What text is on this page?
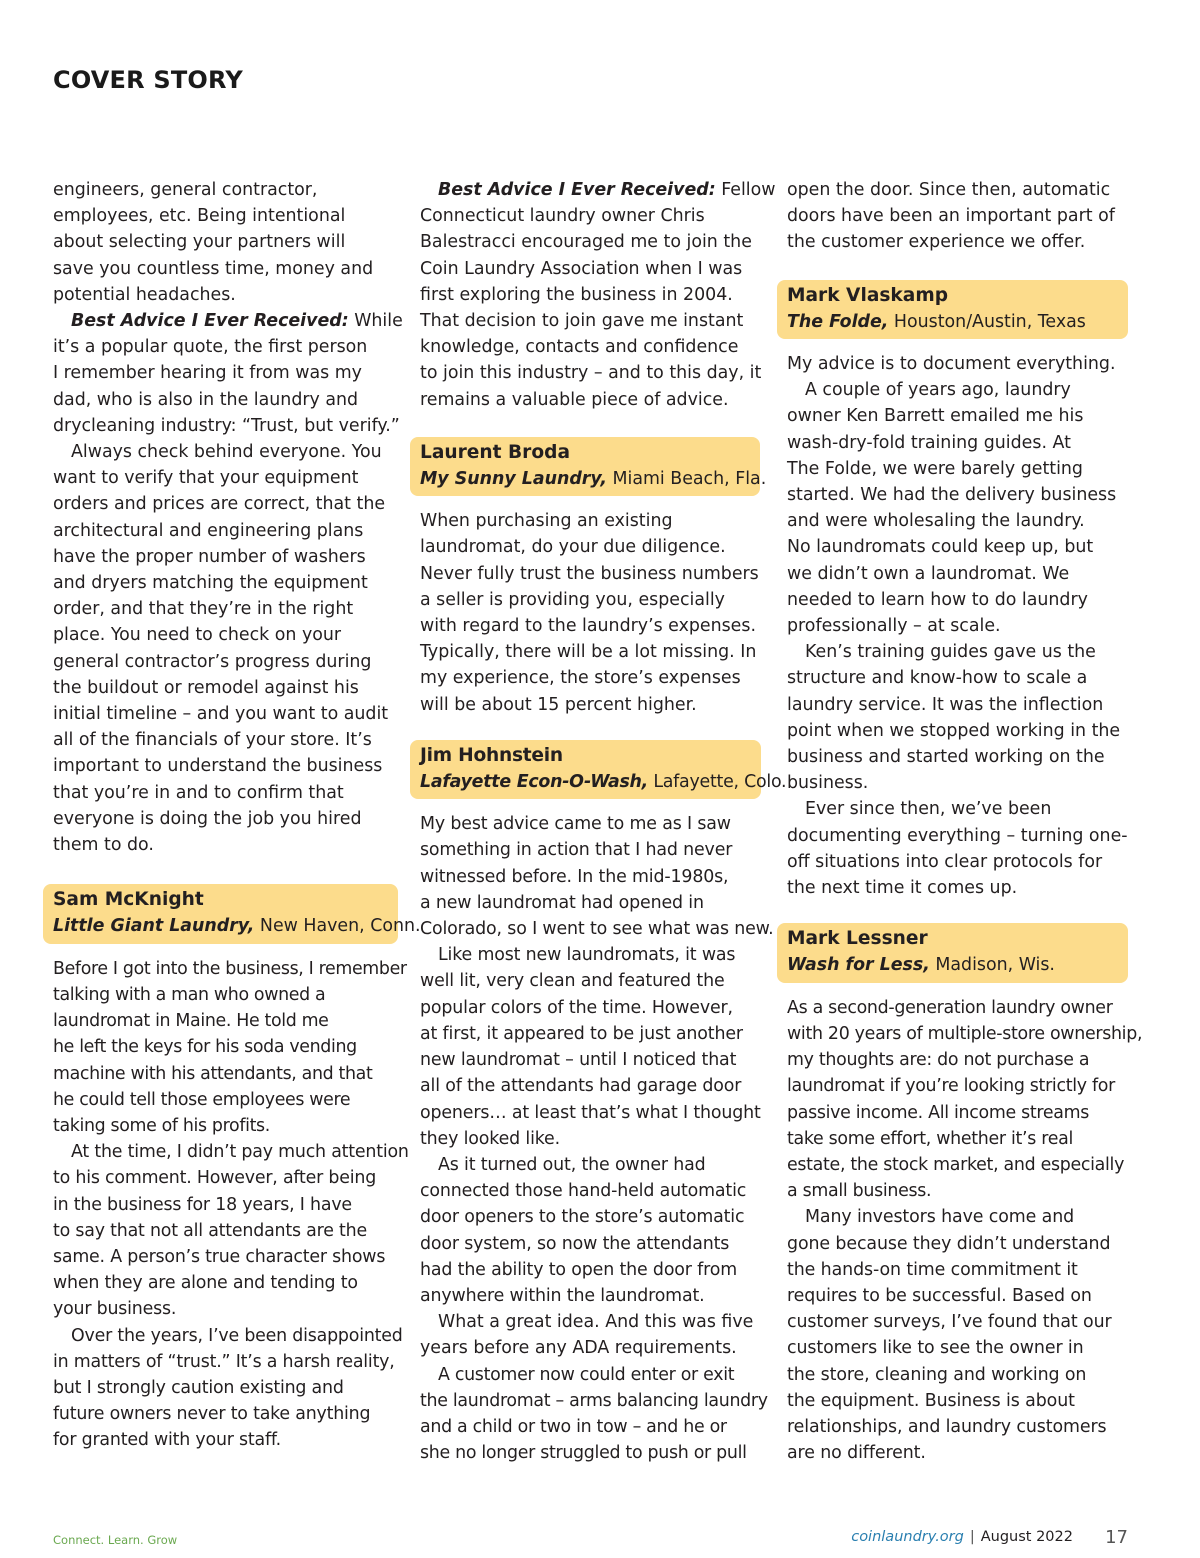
COVER STORY
engineers, general contractor,
employees, etc. Being intentional
about selecting your partners will
save you countless time, money and
potential headaches.
Best Advice I Ever Received: While
it’s a popular quote, the first person
I remember hearing it from was my
dad, who is also in the laundry and
drycleaning industry: “Trust, but verify.”
Always check behind everyone. You
want to verify that your equipment
orders and prices are correct, that the
architectural and engineering plans
have the proper number of washers
and dryers matching the equipment
order, and that they’re in the right
place. You need to check on your
general contractor’s progress during
the buildout or remodel against his
initial timeline – and you want to audit
all of the financials of your store. It’s
important to understand the business
that you’re in and to confirm that
everyone is doing the job you hired
them to do.
Sam McKnight
Little Giant Laundry, New Haven, Conn.
Before I got into the business, I remember
talking with a man who owned a
laundromat in Maine. He told me
he left the keys for his soda vending
machine with his attendants, and that
he could tell those employees were
taking some of his profits.
At the time, I didn’t pay much attention
to his comment. However, after being
in the business for 18 years, I have
to say that not all attendants are the
same. A person’s true character shows
when they are alone and tending to
your business.
Over the years, I’ve been disappointed
in matters of “trust.” It’s a harsh reality,
but I strongly caution existing and
future owners never to take anything
for granted with your staff.
Best Advice I Ever Received: Fellow
Connecticut laundry owner Chris
Balestracci encouraged me to join the
Coin Laundry Association when I was
first exploring the business in 2004.
That decision to join gave me instant
knowledge, contacts and confidence
to join this industry – and to this day, it
remains a valuable piece of advice.
Laurent Broda
My Sunny Laundry, Miami Beach, Fla.
When purchasing an existing
laundromat, do your due diligence.
Never fully trust the business numbers
a seller is providing you, especially
with regard to the laundry’s expenses.
Typically, there will be a lot missing. In
my experience, the store’s expenses
will be about 15 percent higher.
Jim Hohnstein
Lafayette Econ-O-Wash, Lafayette, Colo.
My best advice came to me as I saw
something in action that I had never
witnessed before. In the mid-1980s,
a new laundromat had opened in
Colorado, so I went to see what was new.
Like most new laundromats, it was
well lit, very clean and featured the
popular colors of the time. However,
at first, it appeared to be just another
new laundromat – until I noticed that
all of the attendants had garage door
openers… at least that’s what I thought
they looked like.
As it turned out, the owner had
connected those hand-held automatic
door openers to the store’s automatic
door system, so now the attendants
had the ability to open the door from
anywhere within the laundromat.
What a great idea. And this was five
years before any ADA requirements.
A customer now could enter or exit
the laundromat – arms balancing laundry
and a child or two in tow – and he or
she no longer struggled to push or pull
open the door. Since then, automatic
doors have been an important part of
the customer experience we offer.
Mark Vlaskamp
The Folde, Houston/Austin, Texas
My advice is to document everything.
A couple of years ago, laundry
owner Ken Barrett emailed me his
wash-dry-fold training guides. At
The Folde, we were barely getting
started. We had the delivery business
and were wholesaling the laundry.
No laundromats could keep up, but
we didn’t own a laundromat. We
needed to learn how to do laundry
professionally – at scale.
Ken’s training guides gave us the
structure and know-how to scale a
laundry service. It was the inflection
point when we stopped working in the
business and started working on the
business.
Ever since then, we’ve been
documenting everything – turning one-
off situations into clear protocols for
the next time it comes up.
Mark Lessner
Wash for Less, Madison, Wis.
As a second-generation laundry owner
with 20 years of multiple-store ownership,
my thoughts are: do not purchase a
laundromat if you’re looking strictly for
passive income. All income streams
take some effort, whether it’s real
estate, the stock market, and especially
a small business.
Many investors have come and
gone because they didn’t understand
the hands-on time commitment it
requires to be successful. Based on
customer surveys, I’ve found that our
customers like to see the owner in
the store, cleaning and working on
the equipment. Business is about
relationships, and laundry customers
are no different.
Connect. Learn. Grow	coinlaundry.org | August 2022 17
